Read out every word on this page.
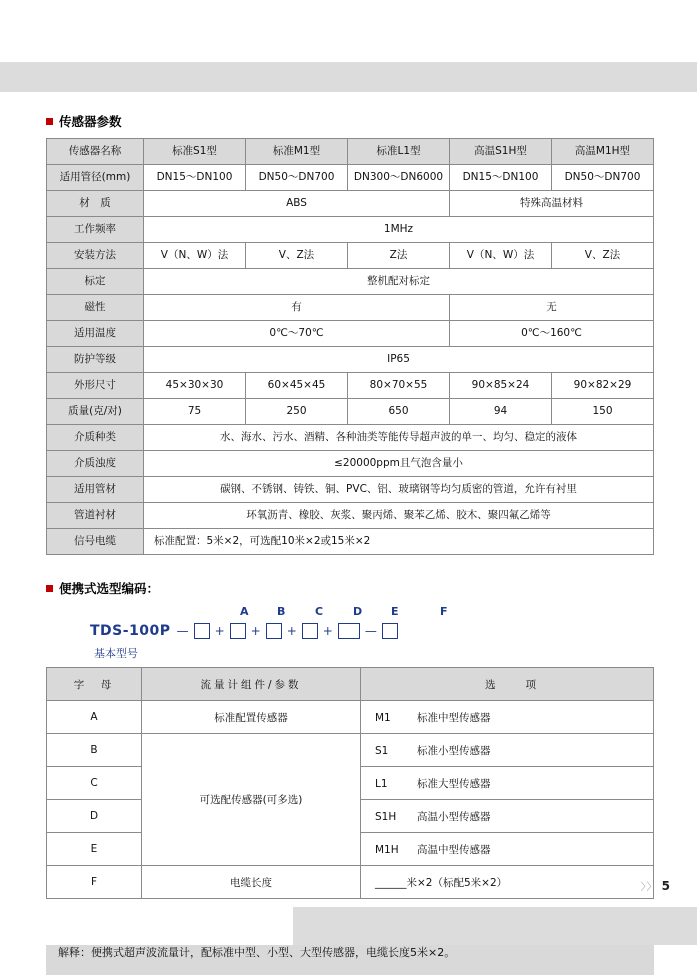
传感器参数
传感器名称	标准S1型	标准M1型	标准L1型	高温S1H型	高温M1H型
适用管径(mm)	DN15～DN100	DN50～DN700	DN300～DN6000	DN15～DN100	DN50～DN700
材　质	ABS			特殊高温材料	
工作频率	1MHz				
安装方法	V（N、W）法	V、Z法	Z法	V（N、W）法	V、Z法
标定	整机配对标定				
磁性	有			无	
适用温度	0℃～70℃			0℃～160℃	
防护等级	IP65				
外形尺寸	45×30×30	60×45×45	80×70×55	90×85×24	90×82×29
质量(克/对)	75	250	650	94	150
介质种类	水、海水、污水、酒精、各种油类等能传导超声波的单一、均匀、稳定的液体				
介质浊度	≤20000ppm且气泡含量小				
适用管材	碳钢、不锈钢、铸铁、铜、PVC、铝、玻璃钢等均匀质密的管道，允许有衬里				
管道衬材	环氧沥青、橡胶、灰浆、聚丙烯、聚苯乙烯、胶木、聚四氟乙烯等				
信号电缆	标准配置：5米×2，可选配10米×2或15米×2				
便携式选型编码：
A	B	C	D	E	F
TDS-100P — + + + +	—
基本型号
字　母	流量计组件/参数	选　　项
A	标准配置传感器	M1 标准中型传感器
B	可选配传感器(可多选)	S1 标准小型传感器
C		L1 标准大型传感器
D		S1H 高温小型传感器
E		M1H 高温中型传感器
F	电缆长度	______米×2（标配5米×2）
解释：便携式超声波流量计，配标准中型、小型、大型传感器，电缆长度5米×2。
〉〉 5
